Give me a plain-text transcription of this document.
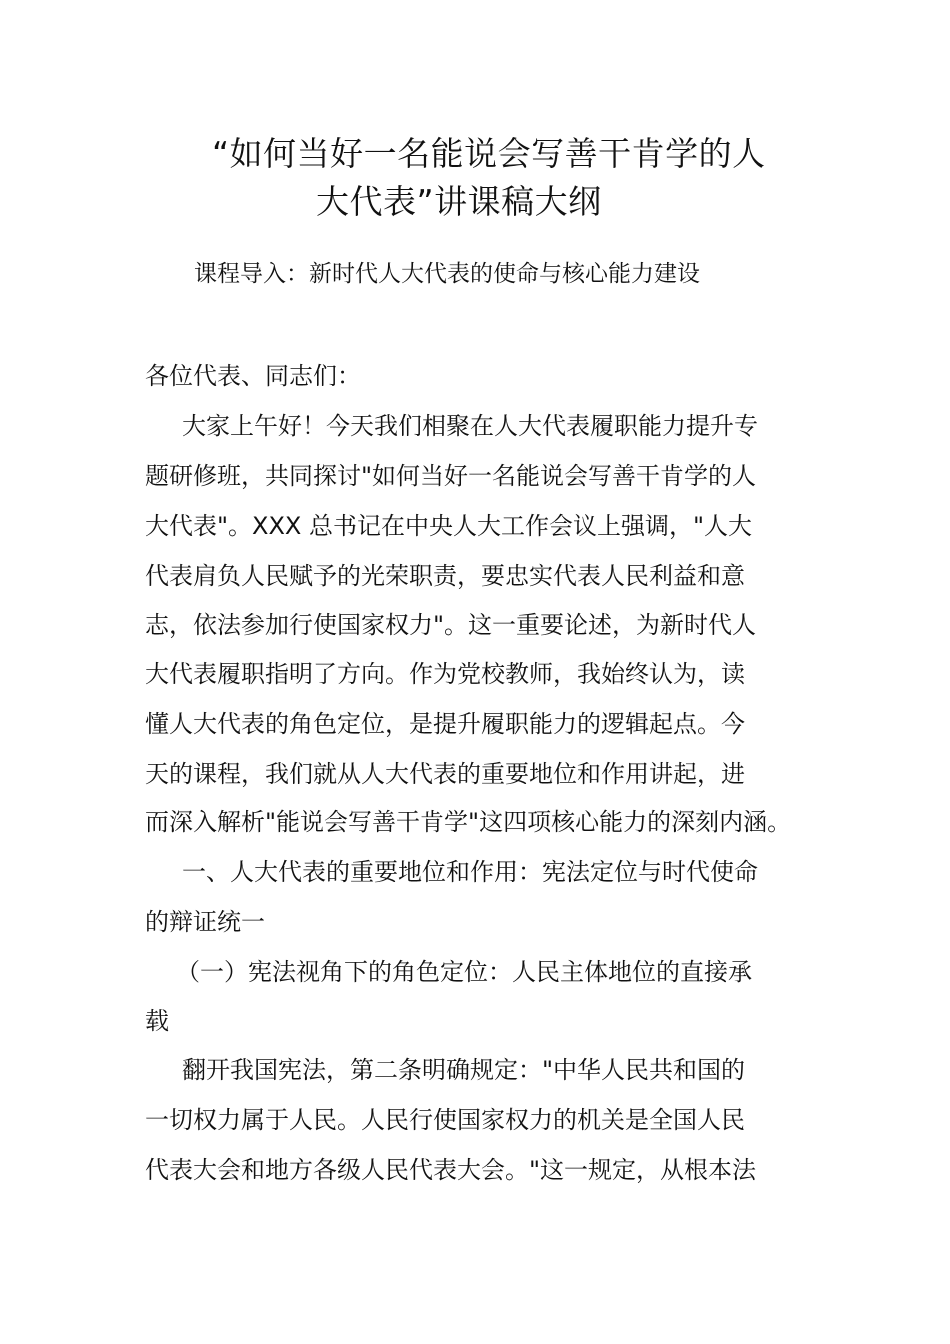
“如何当好一名能说会写善干肯学的人
大代表”讲课稿大纲
课程导入：新时代人大代表的使命与核心能力建设
各位代表、同志们：
大家上午好！今天我们相聚在人大代表履职能力提升专
题研修班，共同探讨"如何当好一名能说会写善干肯学的人
大代表"。XXX 总书记在中央人大工作会议上强调，"人大
代表肩负人民赋予的光荣职责，要忠实代表人民利益和意
志，依法参加行使国家权力"。这一重要论述，为新时代人
大代表履职指明了方向。作为党校教师，我始终认为，读
懂人大代表的角色定位，是提升履职能力的逻辑起点。今
天的课程，我们就从人大代表的重要地位和作用讲起，进
而深入解析"能说会写善干肯学"这四项核心能力的深刻内涵。
一、人大代表的重要地位和作用：宪法定位与时代使命
的辩证统一
（一）宪法视角下的角色定位：人民主体地位的直接承
载
翻开我国宪法，第二条明确规定："中华人民共和国的
一切权力属于人民。人民行使国家权力的机关是全国人民
代表大会和地方各级人民代表大会。"这一规定，从根本法
